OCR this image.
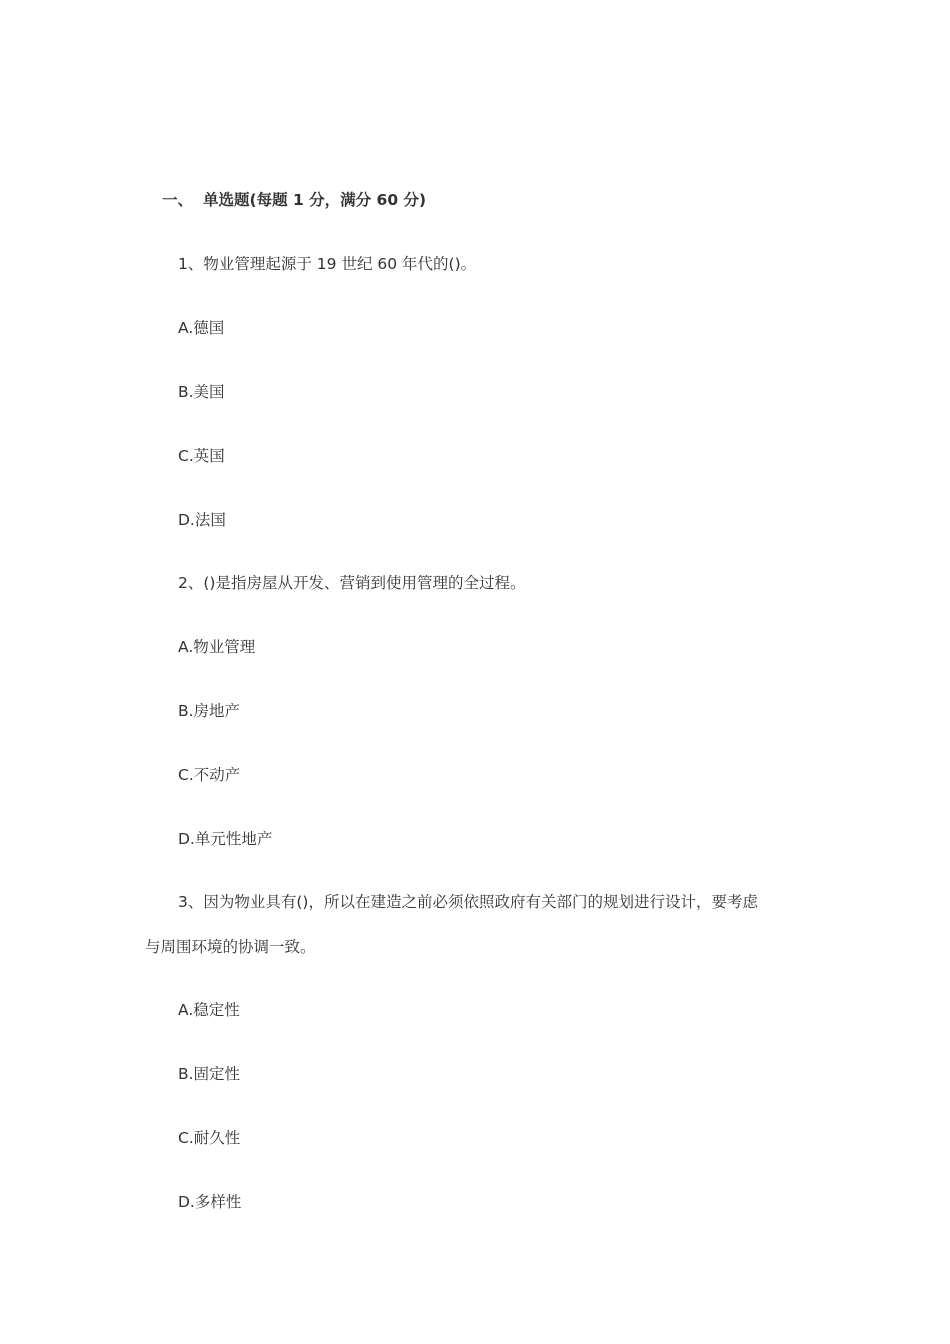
一、 单选题(每题 1 分，满分 60 分)
1、物业管理起源于 19 世纪 60 年代的()。
A.德国
B.美国
C.英国
D.法国
2、()是指房屋从开发、营销到使用管理的全过程。
A.物业管理
B.房地产
C.不动产
D.单元性地产
3、因为物业具有()，所以在建造之前必须依照政府有关部门的规划进行设计，要考虑
与周围环境的协调一致。
A.稳定性
B.固定性
C.耐久性
D.多样性
